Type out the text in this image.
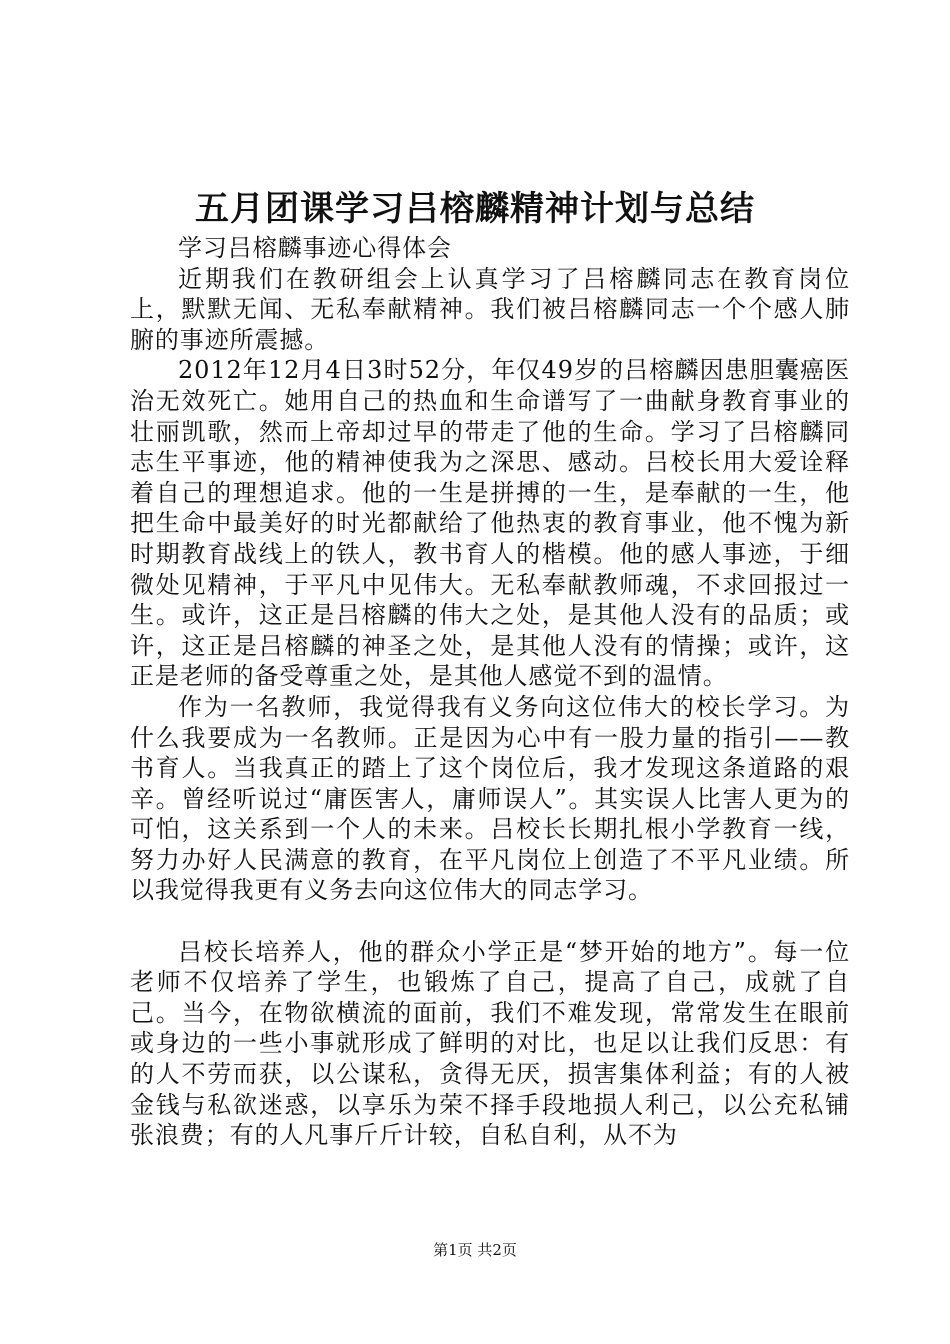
五月团课学习吕榕麟精神计划与总结

学习吕榕麟事迹心得体会

近期我们在教研组会上认真学习了吕榕麟同志在教育岗位上，默默无闻、无私奉献精神。我们被吕榕麟同志一个个感人肺腑的事迹所震撼。

2012年12月4日3时52分，年仅49岁的吕榕麟因患胆囊癌医治无效死亡。她用自己的热血和生命谱写了一曲献身教育事业的壮丽凯歌，然而上帝却过早的带走了他的生命。学习了吕榕麟同志生平事迹，他的精神使我为之深思、感动。吕校长用大爱诠释着自己的理想追求。他的一生是拼搏的一生，是奉献的一生，他把生命中最美好的时光都献给了他热衷的教育事业，他不愧为新时期教育战线上的铁人，教书育人的楷模。他的感人事迹，于细微处见精神，于平凡中见伟大。无私奉献教师魂，不求回报过一生。或许，这正是吕榕麟的伟大之处，是其他人没有的品质；或许，这正是吕榕麟的神圣之处，是其他人没有的情操；或许，这正是老师的备受尊重之处，是其他人感觉不到的温情。

作为一名教师，我觉得我有义务向这位伟大的校长学习。为什么我要成为一名教师。正是因为心中有一股力量的指引——教书育人。当我真正的踏上了这个岗位后，我才发现这条道路的艰辛。曾经听说过“庸医害人，庸师误人”。其实误人比害人更为的可怕，这关系到一个人的未来。吕校长长期扎根小学教育一线，努力办好人民满意的教育，在平凡岗位上创造了不平凡业绩。所以我觉得我更有义务去向这位伟大的同志学习。

吕校长培养人，他的群众小学正是“梦开始的地方”。每一位老师不仅培养了学生，也锻炼了自己，提高了自己，成就了自己。当今，在物欲横流的面前，我们不难发现，常常发生在眼前或身边的一些小事就形成了鲜明的对比，也足以让我们反思：有的人不劳而获，以公谋私，贪得无厌，损害集体利益；有的人被金钱与私欲迷惑，以享乐为荣不择手段地损人利己，以公充私铺张浪费；有的人凡事斤斤计较，自私自利，从不为

第1页 共2页
